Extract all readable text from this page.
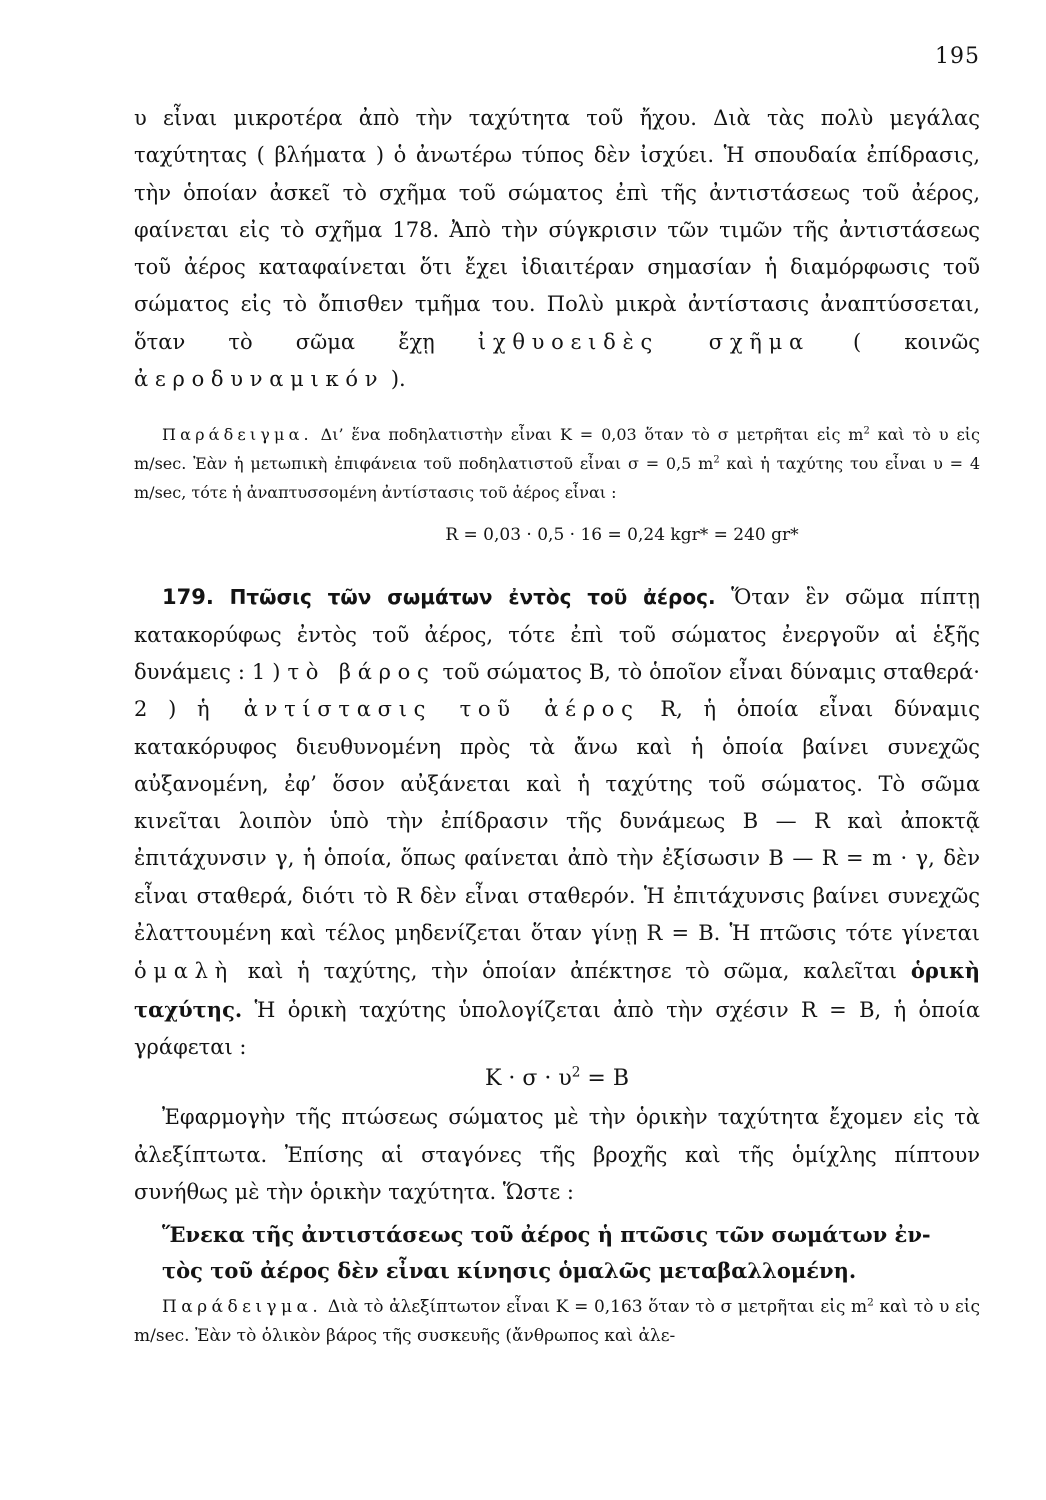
195

υ εἶναι μικροτέρα ἀπὸ τὴν ταχύτητα τοῦ ἤχου. Διὰ τὰς πολὺ μεγάλας ταχύτητας ( βλήματα ) ὁ ἀνωτέρω τύπος δὲν ἰσχύει. Ἡ σπουδαία ἐπίδρασις, τὴν ὁποίαν ἀσκεῖ τὸ σχῆμα τοῦ σώματος ἐπὶ τῆς ἀντιστάσεως τοῦ ἀέρος, φαίνεται εἰς τὸ σχῆμα 178. Ἀπὸ τὴν σύγκρισιν τῶν τιμῶν τῆς ἀντιστάσεως τοῦ ἀέρος καταφαίνεται ὅτι ἔχει ἰδιαιτέραν σημασίαν ἡ διαμόρφωσις τοῦ σώματος εἰς τὸ ὄπισθεν τμῆμα του. Πολὺ μικρὰ ἀντίστασις ἀναπτύσσεται, ὅταν τὸ σῶμα ἔχῃ ἰχθυοειδὲς σχῆμα ( κοινῶς ἀεροδυναμικόν ).

Παράδειγμα. Δι’ ἕνα ποδηλατιστὴν εἶναι K = 0,03 ὅταν τὸ σ μετρῆται εἰς $m^2$ καὶ τὸ υ εἰς m/sec. Ἐὰν ἡ μετωπικὴ ἐπιφάνεια τοῦ ποδηλατιστοῦ εἶναι σ = 0,5 $m^2$ καὶ ἡ ταχύτης του εἶναι υ = 4 m/sec, τότε ἡ ἀναπτυσσομένη ἀντίστασις τοῦ ἀέρος εἶναι :

R = 0,03 · 0,5 · 16 = 0,24 kgr* = 240 gr*

179. Πτῶσις τῶν σωμάτων ἐντὸς τοῦ ἀέρος. Ὅταν ἓν σῶμα πίπτῃ κατακορύφως ἐντὸς τοῦ ἀέρος, τότε ἐπὶ τοῦ σώματος ἐνεργοῦν αἱ ἑξῆς δυνάμεις : 1 ) τὸ βάρος τοῦ σώματος B, τὸ ὁποῖον εἶναι δύναμις σταθερά· 2 ) ἡ ἀντίστασις τοῦ ἀέρος R, ἡ ὁποία εἶναι δύναμις κατακόρυφος διευθυνομένη πρὸς τὰ ἄνω καὶ ἡ ὁποία βαίνει συνεχῶς αὐξανομένη, ἐφ’ ὅσον αὐξάνεται καὶ ἡ ταχύτης τοῦ σώματος. Τὸ σῶμα κινεῖται λοιπὸν ὑπὸ τὴν ἐπίδρασιν τῆς δυνάμεως B — R καὶ ἀποκτᾷ ἐπιτάχυνσιν γ, ἡ ὁποία, ὅπως φαίνεται ἀπὸ τὴν ἐξίσωσιν B — R = m · γ, δὲν εἶναι σταθερά, διότι τὸ R δὲν εἶναι σταθερόν. Ἡ ἐπιτάχυνσις βαίνει συνεχῶς ἐλαττουμένη καὶ τέλος μηδενίζεται ὅταν γίνῃ R = B. Ἡ πτῶσις τότε γίνεται ὁμαλὴ καὶ ἡ ταχύτης, τὴν ὁποίαν ἀπέκτησε τὸ σῶμα, καλεῖται ὁρικὴ ταχύτης. Ἡ ὁρικὴ ταχύτης ὑπολογίζεται ἀπὸ τὴν σχέσιν R = B, ἡ ὁποία γράφεται :

$K \cdot \sigma \cdot \upsilon^2 = B$

Ἐφαρμογὴν τῆς πτώσεως σώματος μὲ τὴν ὁρικὴν ταχύτητα ἔχομεν εἰς τὰ ἀλεξίπτωτα. Ἐπίσης αἱ σταγόνες τῆς βροχῆς καὶ τῆς ὁμίχλης πίπτουν συνήθως μὲ τὴν ὁρικὴν ταχύτητα. Ὥστε :

Ἕνεκα τῆς ἀντιστάσεως τοῦ ἀέρος ἡ πτῶσις τῶν σωμάτων ἐν-
τὸς τοῦ ἀέρος δὲν εἶναι κίνησις ὁμαλῶς μεταβαλλομένη.

Παράδειγμα. Διὰ τὸ ἀλεξίπτωτον εἶναι K = 0,163 ὅταν τὸ σ μετρῆται εἰς $m^2$ καὶ τὸ υ εἰς m/sec. Ἐὰν τὸ ὁλικὸν βάρος τῆς συσκευῆς (ἄνθρωπος καὶ ἀλε-
